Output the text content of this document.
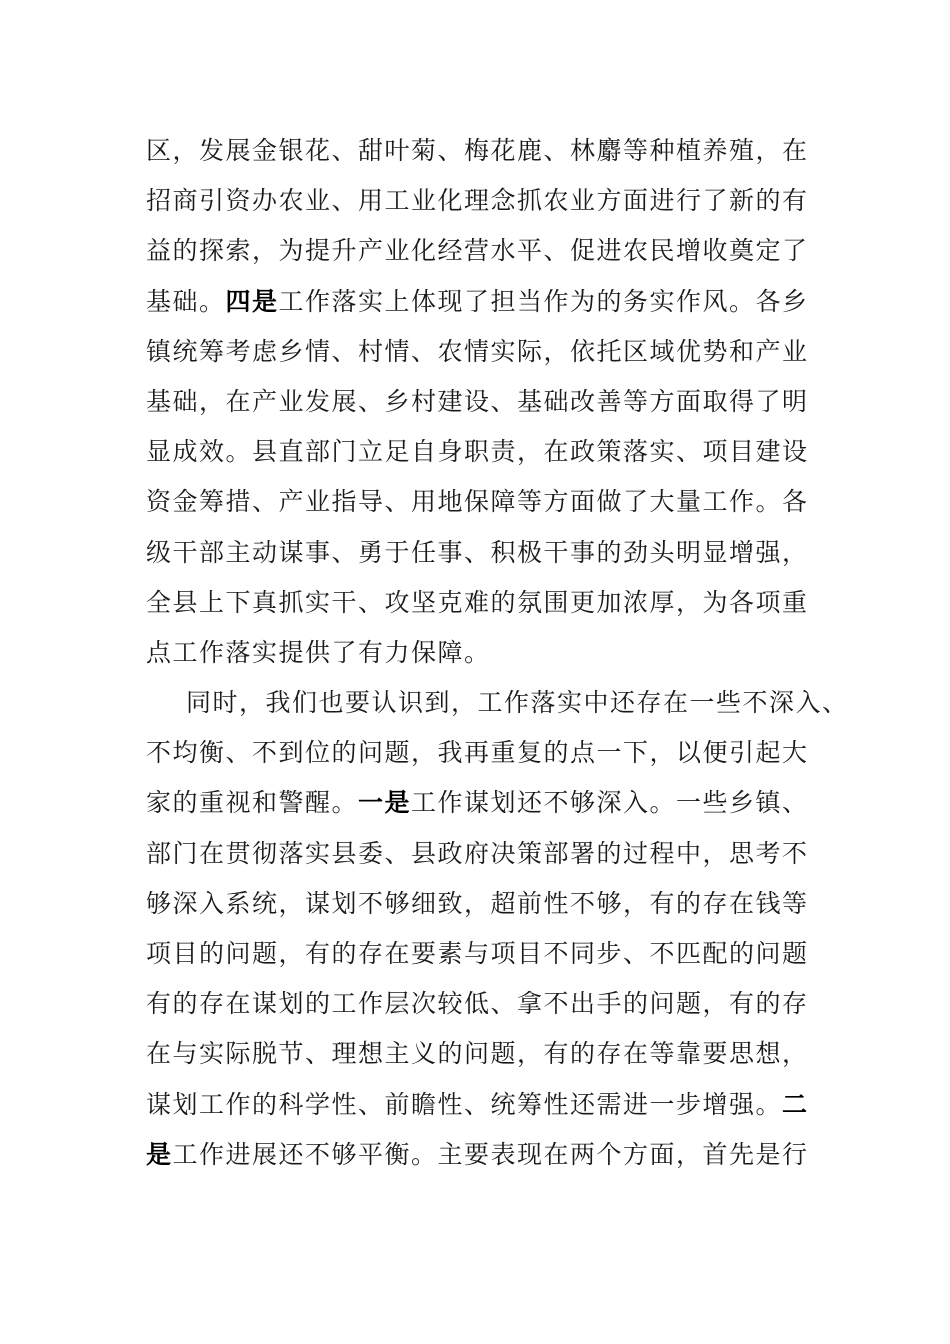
区，发展金银花、甜叶菊、梅花鹿、林麝等种植养殖，在
招商引资办农业、用工业化理念抓农业方面进行了新的有
益的探索，为提升产业化经营水平、促进农民增收奠定了
基础。四是工作落实上体现了担当作为的务实作风。各乡
镇统筹考虑乡情、村情、农情实际，依托区域优势和产业
基础，在产业发展、乡村建设、基础改善等方面取得了明
显成效。县直部门立足自身职责，在政策落实、项目建设
资金筹措、产业指导、用地保障等方面做了大量工作。各
级干部主动谋事、勇于任事、积极干事的劲头明显增强，
全县上下真抓实干、攻坚克难的氛围更加浓厚，为各项重
点工作落实提供了有力保障。
同时，我们也要认识到，工作落实中还存在一些不深入、
不均衡、不到位的问题，我再重复的点一下，以便引起大
家的重视和警醒。一是工作谋划还不够深入。一些乡镇、
部门在贯彻落实县委、县政府决策部署的过程中，思考不
够深入系统，谋划不够细致，超前性不够，有的存在钱等
项目的问题，有的存在要素与项目不同步、不匹配的问题
有的存在谋划的工作层次较低、拿不出手的问题，有的存
在与实际脱节、理想主义的问题，有的存在等靠要思想，
谋划工作的科学性、前瞻性、统筹性还需进一步增强。二
是工作进展还不够平衡。主要表现在两个方面，首先是行
